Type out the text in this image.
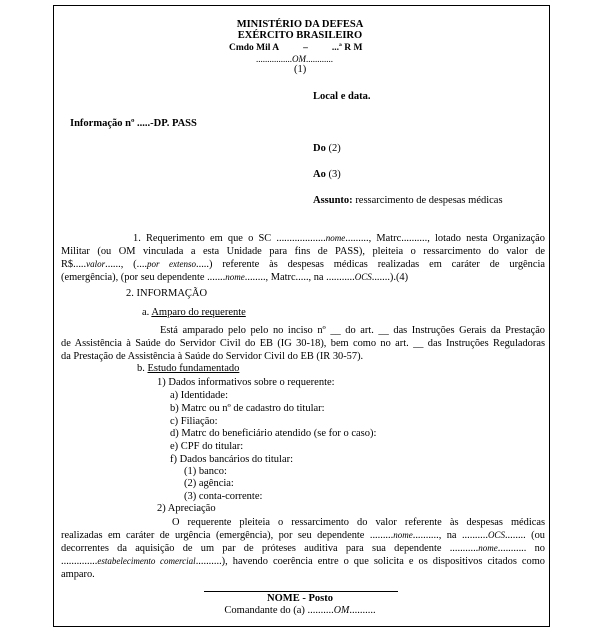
MINISTÉRIO DA DEFESA
EXÉRCITO BRASILEIRO
Cmdo Mil A	–	...ª R M
................OM............
(1)
Local e data.
Informação nº .....-DP. PASS
Do (2)
Ao (3)
Assunto: ressarcimento de despesas médicas
1. Requerimento em que o SC ...................nome........., Matrc.........., lotado nesta Organização
Militar (ou OM vinculada a esta Unidade para fins de PASS), pleiteia o ressarcimento do valor de
R$.....valor......, (....por extenso.....) referente às despesas médicas realizadas em caráter de urgência
(emergência), (por seu dependente .......nome........, Matrc....., na ...........OCS.......).(4)
2. INFORMAÇÃO
a. Amparo do requerente
Está amparado pelo pelo no inciso nº __ do art. __ das Instruções Gerais da Prestação
de Assistência à Saúde do Servidor Civil do EB (IG 30-18), bem como no art. __ das Instruções Reguladoras
da Prestação de Assistência à Saúde do Servidor Civil do EB (IR 30-57).
b. Estudo fundamentado
1) Dados informativos sobre o requerente:
a) Identidade:
b) Matrc ou nº de cadastro do titular:
c) Filiação:
d) Matrc do beneficiário atendido (se for o caso):
e) CPF do titular:
f) Dados bancários do titular:
(1) banco:
(2) agência:
(3) conta-corrente:
2) Apreciação
O requerente pleiteia o ressarcimento do valor referente às despesas médicas
realizadas em caráter de urgência (emergência), por seu dependente .........nome.........., na ..........OCS........ (ou
decorrentes da aquisição de um par de próteses auditiva para sua dependente ...........nome........... no
..............estabelecimento comercial..........), havendo coerência entre o que solicita e os dispositivos citados como
amparo.
NOME - Posto
Comandante do (a) ..........OM..........
